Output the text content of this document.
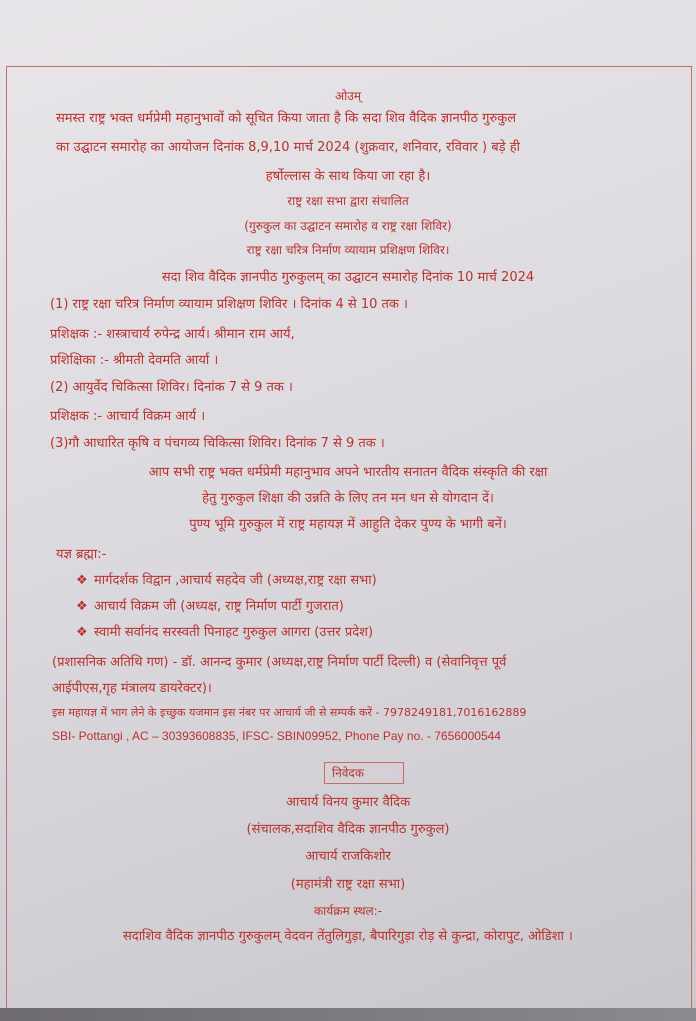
ओउम्
समस्त राष्ट्र भक्त धर्मप्रेमी महानुभावों को सूचित किया जाता है कि सदा शिव वैदिक ज्ञानपीठ गुरुकुल
का उद्घाटन समारोह का आयोजन दिनांक 8,9,10 मार्च 2024 (शुक्रवार, शनिवार, रविवार ) बड़े ही
हर्षोल्लास के साथ किया जा रहा है।
राष्ट्र रक्षा सभा द्वारा संचालित
(गुरुकुल का उद्घाटन समारोह व राष्ट्र रक्षा शिविर)
राष्ट्र रक्षा चरित्र निर्माण व्यायाम प्रशिक्षण शिविर।
सदा शिव वैदिक ज्ञानपीठ गुरुकुलम् का उद्घाटन समारोह दिनांक 10 मार्च 2024
(1) राष्ट्र रक्षा चरित्र निर्माण व्यायाम प्रशिक्षण शिविर । दिनांक 4 से 10 तक ।
प्रशिक्षक :- शस्त्राचार्य रुपेन्द्र आर्य। श्रीमान राम आर्य,
प्रशिक्षिका :- श्रीमती देवमति आर्या ।
(2) आयुर्वेद चिकित्सा शिविर। दिनांक 7 से 9 तक ।
प्रशिक्षक :- आचार्य विक्रम आर्य ।
(3)गौ आधारित कृषि व पंचगव्य चिकित्सा शिविर। दिनांक 7 से 9 तक ।
आप सभी राष्ट्र भक्त धर्मप्रेमी महानुभाव अपने भारतीय सनातन वैदिक संस्कृति की रक्षा
हेतु गुरुकुल शिक्षा की उन्नति के लिए तन मन धन से योगदान दें।
पुण्य भूमि गुरुकुल में राष्ट्र महायज्ञ में आहुति देकर पुण्य के भागी बनें।
यज्ञ ब्रह्मा:-
❖ मार्गदर्शक विद्वान ,आचार्य सहदेव जी (अध्यक्ष,राष्ट्र रक्षा सभा)
❖ आचार्य विक्रम जी (अध्यक्ष, राष्ट्र निर्माण पार्टी गुजरात)
❖ स्वामी सर्वानंद सरस्वती पिनाहट गुरुकुल आगरा (उत्तर प्रदेश)
(प्रशासनिक अतिथि गण) - डॉ. आनन्द कुमार (अध्यक्ष,राष्ट्र निर्माण पार्टी दिल्ली) व (सेवानिवृत्त पूर्व
आईपीएस,गृह मंत्रालय डायरेक्टर)।
इस महायज्ञ में भाग लेने के इच्छुक यजमान इस नंबर पर आचार्य जी से सम्पर्क करें - 7978249181,7016162889
SBI- Pottangi , AC – 30393608835, IFSC- SBIN09952, Phone Pay no. - 7656000544
निवेदक
आचार्य विनय कुमार वैदिक
(संचालक,सदाशिव वैदिक ज्ञानपीठ गुरुकुल)
आचार्य राजकिशोर
(महामंत्री राष्ट्र रक्षा सभा)
कार्यक्रम स्थल:-
सदाशिव वैदिक ज्ञानपीठ गुरुकुलम् वेदवन तेंतुलिगुड़ा, बैपारिगुड़ा रोड़ से कुन्द्रा, कोरापुट, ओडिशा ।
